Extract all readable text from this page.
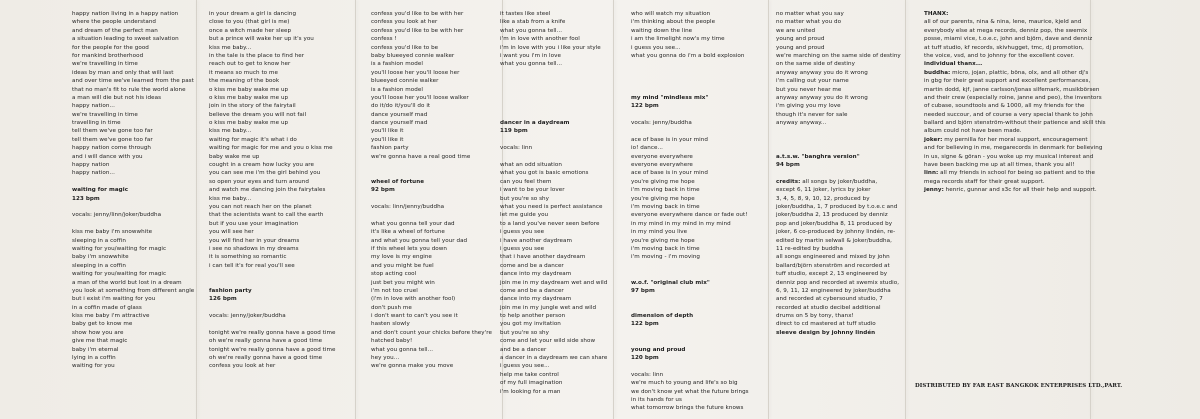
happy nation living in a happy nation
where the people understand
and dream of the perfect man
a situation leading to sweet salvation
for the people for the good
for mankind brotherhood
we're travelling in time
ideas by man and only that will last
and over time we've learned from the past
that no man's fit to rule the world alone
a man will die but not his ideas
happy nation...
we're travelling in time
travelling in time
tell them we've gone too far
tell them we've gone too far
happy nation come through
and i will dance with you
happy nation
happy nation...
waiting for magic
123 bpm
vocals: jenny/linn/joker/buddha
kiss me baby i'm snowwhite
sleeping in a coffin
waiting for you/waiting for magic
baby i'm snowwhite
sleeping in a coffin
waiting for you/waiting for magic
a man of the world but lost in a dream
you look at something from different angle
but i exist i'm waiting for you
in a coffin made of glass
kiss me baby i'm attractive
baby get to know me
show how you are
give me that magic
baby i'm eternal
lying in a coffin
waiting for you
in your dream a girl is dancing
close to you (that girl is me)
once a witch made her sleep
but a prince will wake her up it's you
kiss me baby...
in the tale is the place to find her
reach out to get to know her
it means so much to me
the meaning of the book
o kiss me baby wake me up
o kiss me baby wake me up
join in the story of the fairytail
believe the dream you will not fail
o kiss me baby wake me up
kiss me baby...
waiting for magic it's what i do
waiting for magic for me and you o kiss me
baby wake me up
cought in a cream how lucky you are
you can see me i'm the girl behind you
so open your eyes and turn around
and watch me dancing join the fairytales
kiss me baby...
you can not reach her on the planet
that the scientists want to call the earth
but if you use your imagination
you will see her
you will find her in your dreams
i see no shadows in my dreams
it is something so romantic
i can tell it's for real you'll see
fashion party
126 bpm
vocals: jenny/joker/buddha
tonight we're really gonna have a good time
oh we're really gonna have a good time
tonight we're really gonna have a good time
oh we're really gonna have a good time
confess you look at her
confess you'd like to be with her
confess you look at her
confess you'd like to be with her
confess !
confess you'd like to be
baby blueeyed connie walker
is a fashion model
you'll loose her you'll loose her
blueeyed connie walker
is a fashion model
you'll loose her you'll loose walker
do it/do it/you'll do it
dance yourself mad
dance yourself mad
you'll like it
you'll like it
fashion party
we're gonna have a real good time
wheel of fortune
92 bpm
vocals: linn/jenny/buddha
what you gonna tell your dad
it's like a wheel of fortune
and what you gonna tell your dad
if this wheel lets you down
my love is my engine
and you might be fuel
stop acting cool
just bet you might win
i'm not too cruel
(i'm in love with another fool)
don't push me
i don't want to can't you see it
hasten slowly
and don't count your chicks before they're
hatched baby!
what you gonna tell...
hey you...
we're gonna make you move
it tastes like steel
like a stab from a knife
what you gonna tell...
i'm in love with another fool
i'm in love with you i like your style
i want you i'm in love
what you gonna tell...
dancer in a daydream
119 bpm
vocals: linn
what an odd situation
what you got is basic emotions
can you feel them
i want to be your lover
but you're so shy
what you need is perfect assistance
let me guide you
to a land you've never seen before
i guess you see
i have another daydream
i guess you see
that i have another daydream
come and be a dancer
dance into my daydream
join me in my daydream wet and wild
come and be a dancer
dance into my daydream
join me in my jungle wet and wild
to help another person
you got my invitation
but you're so shy
come and let your wild side show
and be a dancer
a dancer in a daydream we can share
i guess you see...
help me take control
of my full imagination
i'm looking for a man
who will watch my situation
i'm thinking about the people
waiting down the line
i am the limelight now's my time
i guess you see...
what you gonna do i'm a bold explosion
my mind "mindless mix"
122 bpm
vocals: jenny/buddha
ace of base is in your mind
io! dance...
everyone everywhere
everyone everywhere
ace of base is in your mind
you're giving me hope
i'm moving back in time
you're giving me hope
i'm moving back in time
everyone everywhere dance or fade out!
in my mind in my mind in my mind
in my mind you live
you're giving me hope
i'm moving back in time
i'm moving - i'm moving
w.o.f. "original club mix"
97 bpm
dimension of depth
122 bpm
young and proud
120 bpm
vocals: linn
we're much to young and life's so big
we don't know yet what the future brings
in its hands for us
what tomorrow brings the future knows
no matter what you say
no matter what you do
we are united
young and proud
young and proud
we're marching on the same side of destiny
on the same side of destiny
anyway anyway you do it wrong
i'm calling out your name
but you never hear me
anyway anyway you do it wrong
i'm giving you my love
though it's never for sale
anyway anyway...
a.t.s.w. "banghra version"
94 bpm
credits: all songs by joker/buddha,
except 6, 11 joker, lyrics by joker
3, 4, 5, 8, 9, 10, 12, produced by
joker/buddha, 1, 7 produced by t.o.e.c and
joker/buddha 2, 13 produced by denniz
pop and joker/buddha 8, 11 produced by
joker, 6 co-produced by johnny lindén, re-
edited by martin selwall & joker/buddha,
11 re-edited by buddha
all songs engineered and mixed by john
ballard/björn stenström and recorded at
tuff studio, except 2, 13 engineered by
denniz pop and recorded at swemix studio,
6, 9, 11, 12 engineered by joker/buddha
and recorded at cybersound studio, 7
recorded at studio decibel additional
drums on 5 by tony, thanx!
direct to cd mastered at tuff studio
sleeve design by johnny lindén
THANX:
all of our parents, nina & nina, lene, maurice, kjeld and
everybody else at mega records, denniz pop, the swemix
posse, miami vice, t.o.e.c, john and björn, dave and denniz
at tuff studio, kf records, skivhugget, tmc, dj promotion,
the voice, vsd, and to johnny for the excellent cover.
individual thanx...
buddha: micro, jojan, plattic, böna, olx, and all other dj's
in gbg for their great support and excellent performances,
martin dodd, kjf, janne carlsson/jonas silfemark, musikbörsen
and their crew (especially roine, janne and peo), the inventors
of cubase, soundtools and & 1000, all my friends for the
needed succour, and of course a very special thank to john
ballard and björn stenström-without their patience and skill this
album could not have been made.
joker: my pernilla for her moral support, encouragement
and for believing in me, megarecords in denmark for believing
in us, signe & göran - you woke up my musical interest and
have been backing me up at all times, thank you all!
linn: all my friends in school for being so patient and to the
mega records staff for their great support.
jenny: henric, gunnar and s3c for all their help and support.
DISTRIBUTED BY FAR EAST BANGKOK ENTERPRISES LTD.,PART.
